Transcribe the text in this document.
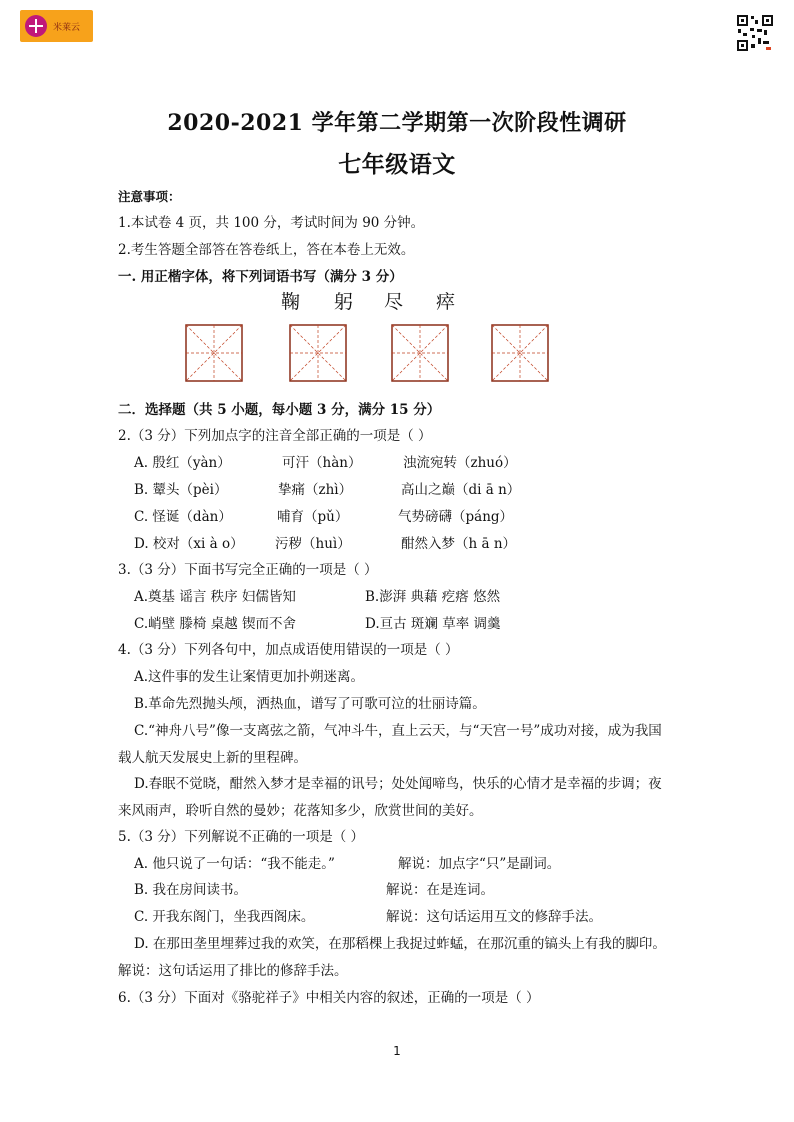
米莱云
2020-2021 学年第二学期第一次阶段性调研
七年级语文
注意事项：
1.本试卷 4 页，共 100 分，考试时间为 90 分钟。
2.考生答题全部答在答卷纸上，答在本卷上无效。
一. 用正楷字体，将下列词语书写（满分 3 分）
鞠 躬 尽 瘁
二．选择题（共 5 小题，每小题 3 分，满分 15 分）
2.（3 分）下列加点字的注音全部正确的一项是（ ）
A. 殷红（yàn）	可汗（hàn）	浊流宛转（zhuó）
B. 颦头（pèi）	挚痛（zhì）	高山之巅（di ā n）
C. 怪诞（dàn）	哺育（pǔ）	气势磅礴（páng）
D. 校对（xi à o） 污秽（huì）	酣然入梦（h ā n）
3.（3 分）下面书写完全正确的一项是（ ）
A.奠基 谣言 秩序 妇儒皆知	B.澎湃 典藉 疙瘩 悠然
C.峭壁 滕椅 桌越 锲而不舍	D.亘古 斑斓 草率 调羹
4.（3 分）下列各句中，加点成语使用错误的一项是（ ）
A.这件事的发生让案情更加扑朔迷离。
B.革命先烈抛头颅，洒热血，谱写了可歌可泣的壮丽诗篇。
C.“神舟八号”像一支离弦之箭，气冲斗牛，直上云天，与“天宫一号”成功对接，成为我国
载人航天发展史上新的里程碑。
D.春眠不觉晓，酣然入梦才是幸福的讯号；处处闻啼鸟，快乐的心情才是幸福的步调；夜
来风雨声，聆听自然的曼妙；花落知多少，欣赏世间的美好。
5.（3 分）下列解说不正确的一项是（ ）
A. 他只说了一句话：“我不能走。”	解说：加点字“只”是副词。
B. 我在房间读书。	解说：在是连词。
C. 开我东阁门，坐我西阁床。	解说：这句话运用互文的修辞手法。
D. 在那田垄里埋葬过我的欢笑，在那稻棵上我捉过蚱蜢，在那沉重的镐头上有我的脚印。
解说：这句话运用了排比的修辞手法。
6.（3 分）下面对《骆驼祥子》中相关内容的叙述，正确的一项是（ ）
1
